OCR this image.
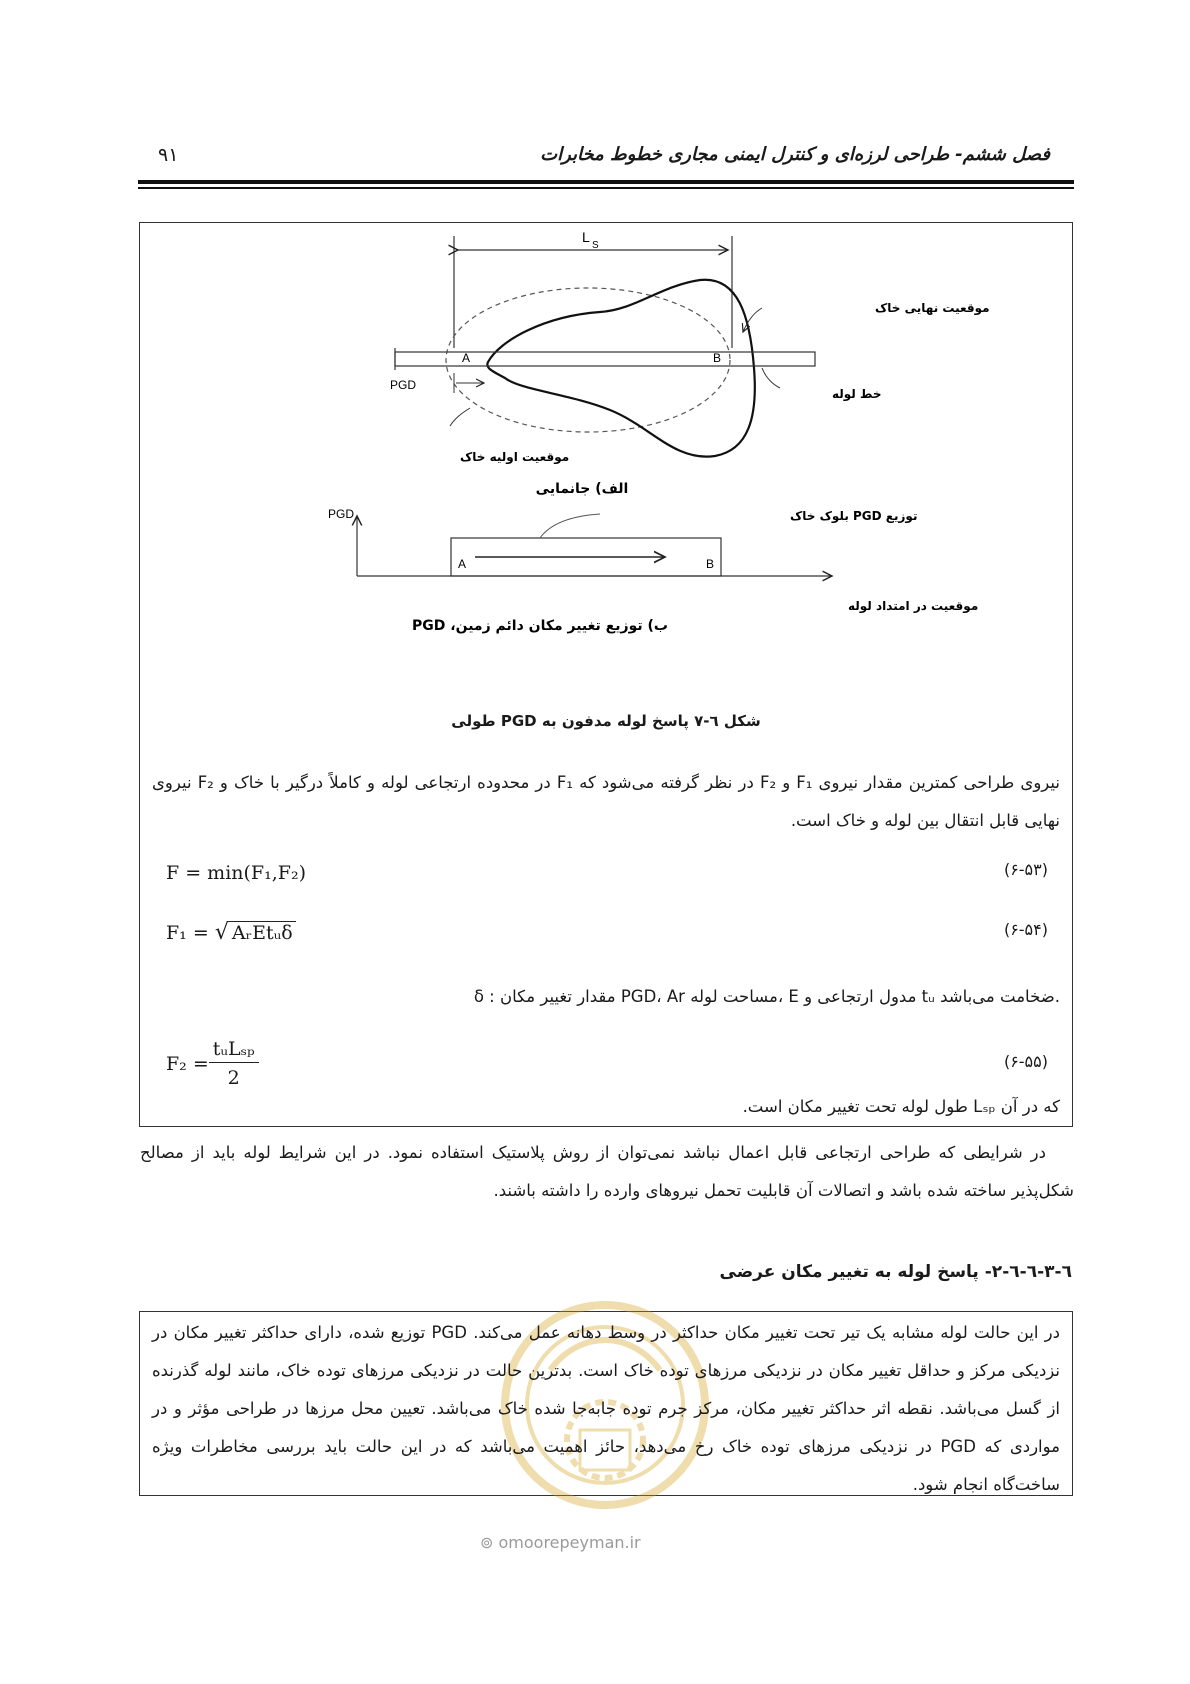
فصل ششم- طراحی لرزه‌ای و کنترل ایمنی مجاری خطوط مخابرات
۹۱
L
S
A	B
PGD
موقعیت نهایی خاک
خط لوله
موقعیت اولیه خاک
الف) جانمایی
PGD
A	B
توزیع PGD بلوک خاک
موقعیت در امتداد لوله
ب) توزیع تغییر مکان دائم زمین، PGD
شکل ٦-٧ پاسخ لوله مدفون به PGD طولی
نیروی طراحی کمترین مقدار نیروی F₁ و F₂ در نظر گرفته می‌شود که F₁ در محدوده ارتجاعی لوله و کاملاً درگیر با خاک و F₂ نیروی نهایی قابل انتقال بین لوله و خاک است.
F = min(F₁,F₂)	(۶-۵۳)
F₁ = √ AᵣEtᵤδ	(۶-۵۴)
δ : مقدار تغییر مکان PGD، Ar مساحت لوله، E مدول ارتجاعی و tᵤ ضخامت می‌باشد.
F₂ =
tᵤLₛₚ
2
(۶-۵۵)
که در آن Lₛₚ طول لوله تحت تغییر مکان است.
در شرایطی که طراحی ارتجاعی قابل اعمال نباشد نمی‌توان از روش پلاستیک استفاده نمود. در این شرایط لوله باید از مصالح شکل‌پذیر ساخته شده باشد و اتصالات آن قابلیت تحمل نیروهای وارده را داشته باشند.
٦-٣-٦-٦-٢- پاسخ لوله به تغییر مکان عرضی
در این حالت لوله مشابه یک تیر تحت تغییر مکان حداکثر در وسط دهانه عمل می‌کند. PGD توزیع شده، دارای حداکثر تغییر مکان در نزدیکی مرکز و حداقل تغییر مکان در نزدیکی مرزهای توده خاک است. بدترین حالت در نزدیکی مرزهای توده خاک، مانند لوله گذرنده از گسل می‌باشد. نقطه اثر حداکثر تغییر مکان، مرکز جرم توده جابه‌جا شده خاک می‌باشد. تعیین محل مرزها در طراحی مؤثر و در مواردی که PGD در نزدیکی مرزهای توده خاک رخ می‌دهد، حائز اهمیت می‌باشد که در این حالت باید بررسی مخاطرات ویژه ساخت‌گاه انجام شود.
⊚ omoorepeyman.ir
